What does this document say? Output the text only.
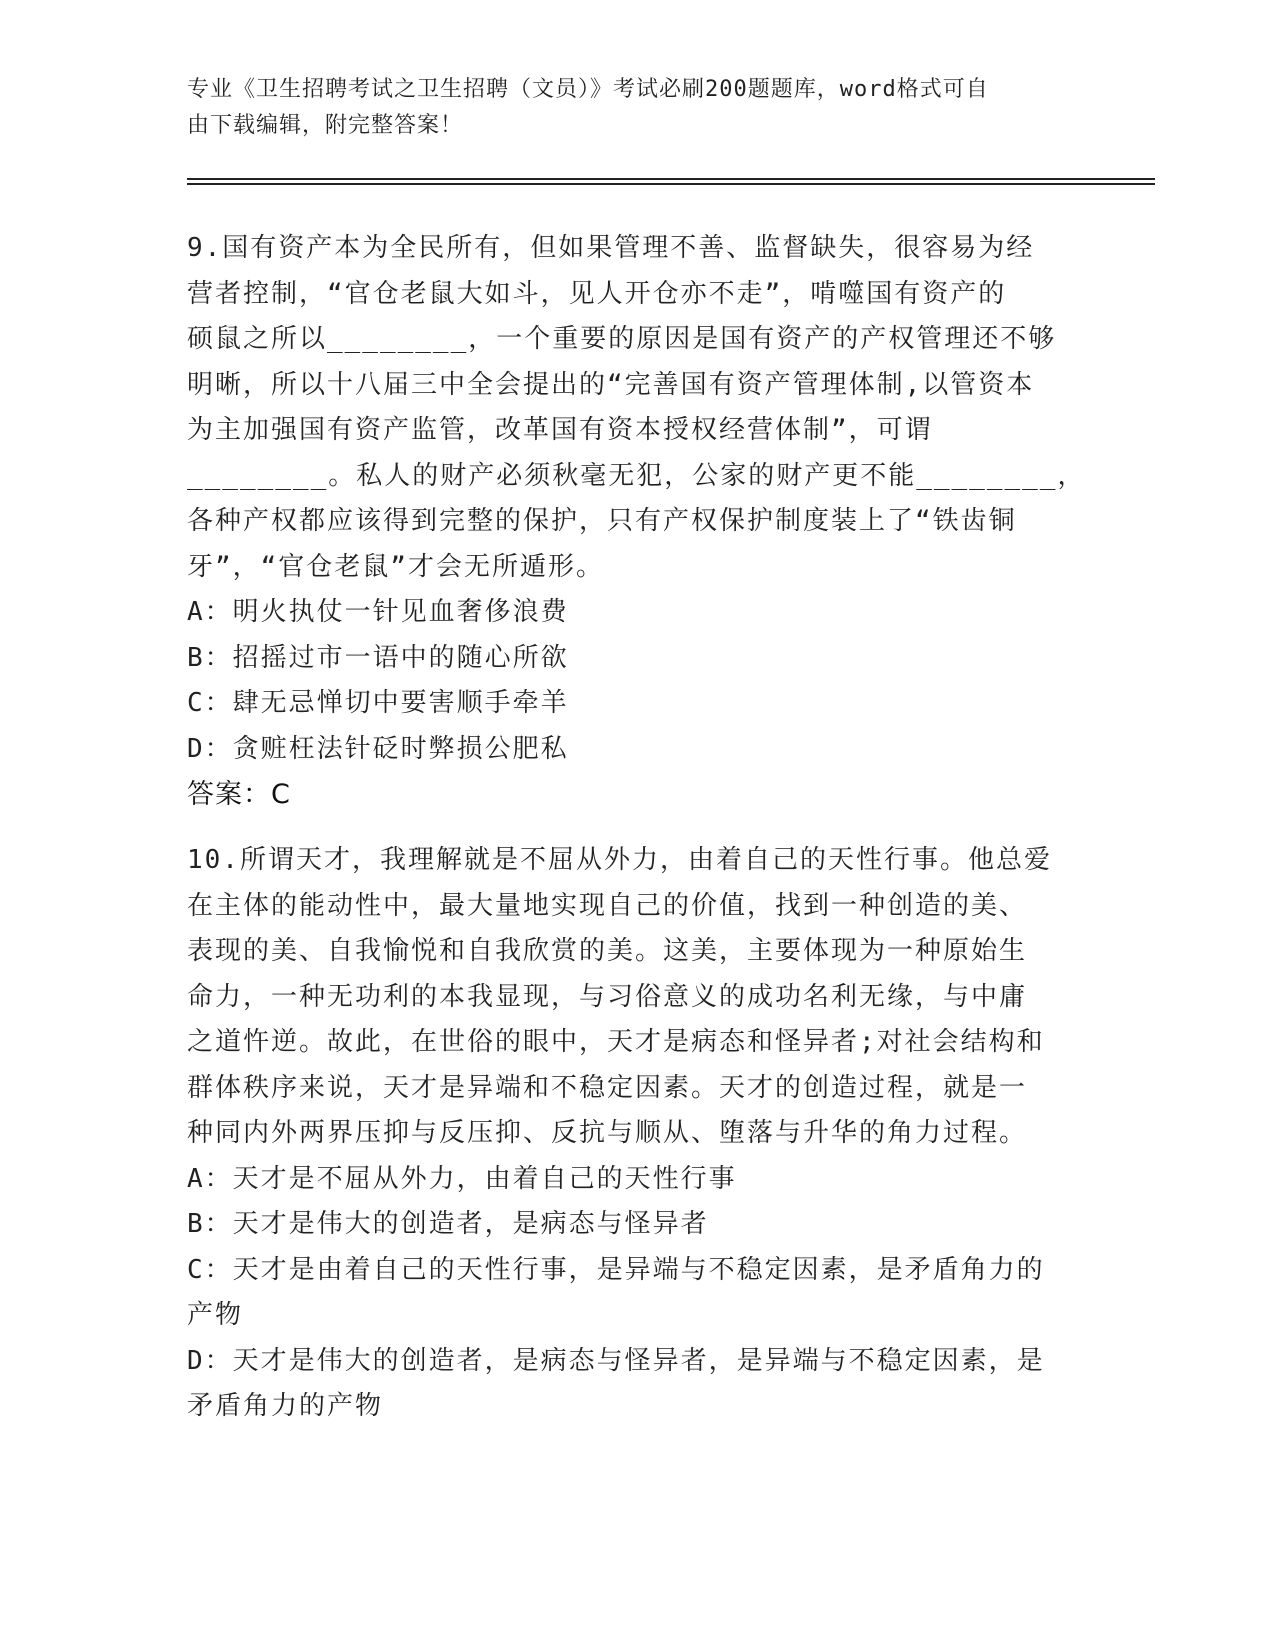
专业《卫生招聘考试之卫生招聘（文员）》考试必刷200题题库，word格式可自

由下载编辑，附完整答案！

9.国有资产本为全民所有，但如果管理不善、监督缺失，很容易为经

营者控制，“官仓老鼠大如斗，见人开仓亦不走”，啃噬国有资产的

硕鼠之所以________，一个重要的原因是国有资产的产权管理还不够

明晰，所以十八届三中全会提出的“完善国有资产管理体制,以管资本

为主加强国有资产监管，改革国有资本授权经营体制”，可谓

________。私人的财产必须秋毫无犯，公家的财产更不能________，

各种产权都应该得到完整的保护，只有产权保护制度装上了“铁齿铜

牙”，“官仓老鼠”才会无所遁形。

A：明火执仗一针见血奢侈浪费

B：招摇过市一语中的随心所欲

C：肆无忌惮切中要害顺手牵羊

D：贪赃枉法针砭时弊损公肥私

答案：C

10.所谓天才，我理解就是不屈从外力，由着自己的天性行事。他总爱

在主体的能动性中，最大量地实现自己的价值，找到一种创造的美、

表现的美、自我愉悦和自我欣赏的美。这美，主要体现为一种原始生

命力，一种无功利的本我显现，与习俗意义的成功名利无缘，与中庸

之道忤逆。故此，在世俗的眼中，天才是病态和怪异者;对社会结构和

群体秩序来说，天才是异端和不稳定因素。天才的创造过程，就是一

种同内外两界压抑与反压抑、反抗与顺从、堕落与升华的角力过程。

A：天才是不屈从外力，由着自己的天性行事

B：天才是伟大的创造者，是病态与怪异者

C：天才是由着自己的天性行事，是异端与不稳定因素，是矛盾角力的

产物

D：天才是伟大的创造者，是病态与怪异者，是异端与不稳定因素，是

矛盾角力的产物
